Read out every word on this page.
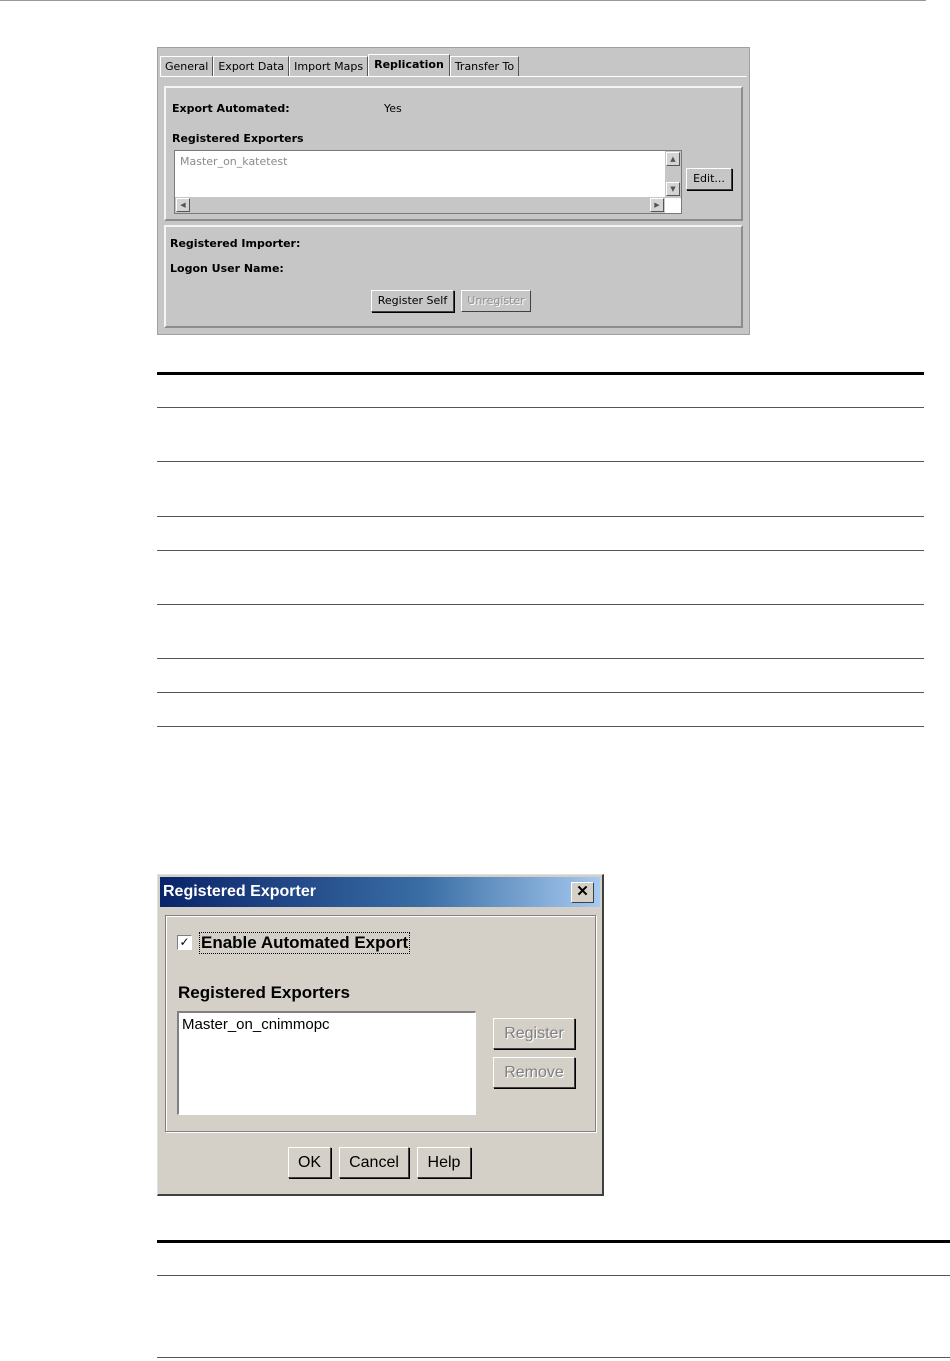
General Export Data Import Maps	Replication	Transfer To
Export Automated:	Yes
Registered Exporters
Master_on_katetest	▲
▼
◀	▶
Edit...
Registered Importer:
Logon User Name:
Register Self	Unregister
Registered Exporter	✕
✓ Enable Automated Export
Registered Exporters
Master_on_cnimmopc
Register
Remove
OK	Cancel	Help
